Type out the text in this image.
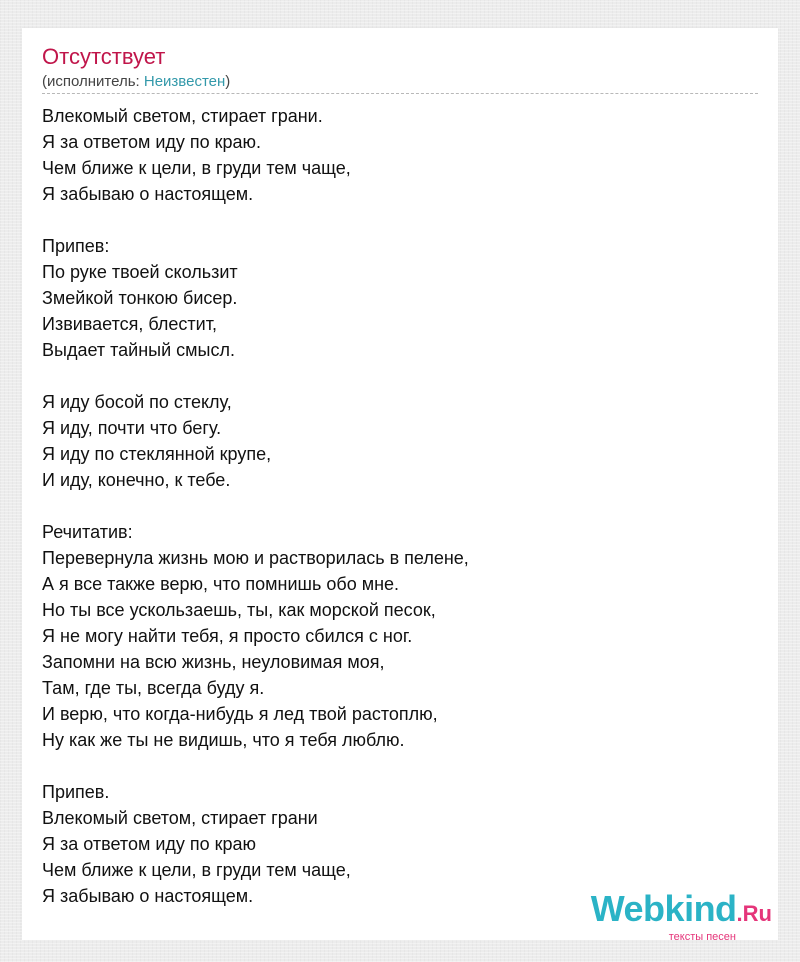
Отсутствует
(исполнитель: Неизвестен)
Влекомый светом, стирает грани.
Я за ответом иду по краю.
Чем ближе к цели, в груди тем чаще,
Я забываю о настоящем.
Припев:
По руке твоей скользит
Змейкой тонкою бисер.
Извивается, блестит,
Выдает тайный смысл.
Я иду босой по стеклу,
Я иду, почти что бегу.
Я иду по стеклянной крупе,
И иду, конечно, к тебе.
Речитатив:
Перевернула жизнь мою и растворилась в пелене,
А я все также верю, что помнишь обо мне.
Но ты все ускользаешь, ты, как морской песок,
Я не могу найти тебя, я просто сбился с ног.
Запомни на всю жизнь, неуловимая моя,
Там, где ты, всегда буду я.
И верю, что когда-нибудь я лед твой растоплю,
Ну как же ты не видишь, что я тебя люблю.
Припев.
Влекомый светом, стирает грани
Я за ответом иду по краю
Чем ближе к цели, в груди тем чаще,
Я забываю о настоящем.	Webkind.Ru
тексты песен
